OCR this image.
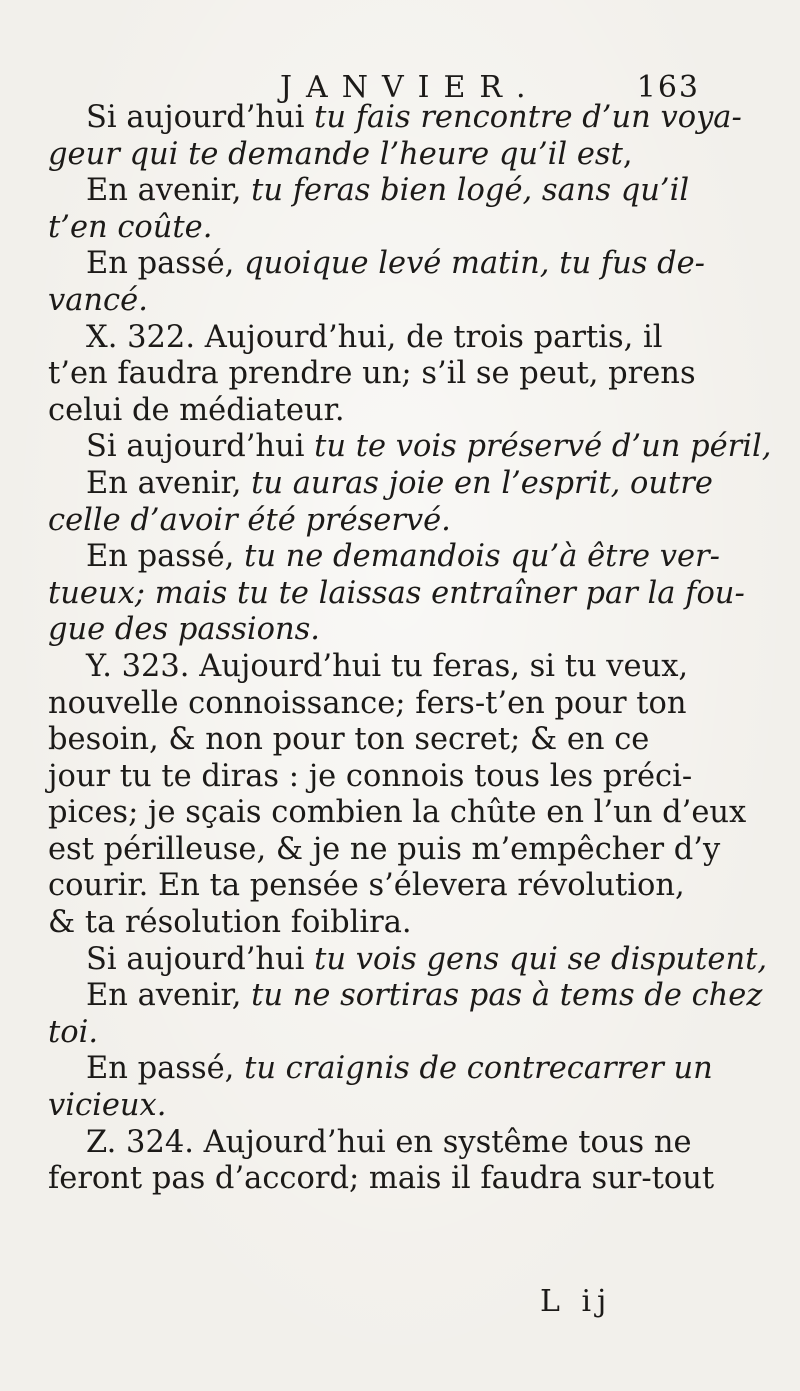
JANVIER.	163

Si aujourd’hui tu fais rencontre d’un voya-
geur qui te demande l’heure qu’il est,

En avenir, tu feras bien logé, sans qu’il
t’en coûte.

En passé, quoique levé matin, tu fus de-
vancé.

X. 322. Aujourd’hui, de trois partis, il
t’en faudra prendre un; s’il se peut, prens
celui de médiateur.

Si aujourd’hui tu te vois préservé d’un péril,

En avenir, tu auras joie en l’esprit, outre
celle d’avoir été préservé.

En passé, tu ne demandois qu’à être ver-
tueux; mais tu te laissas entraîner par la fou-
gue des passions.

Y. 323. Aujourd’hui tu feras, si tu veux,
nouvelle connoissance; fers-t’en pour ton
besoin, & non pour ton secret; & en ce
jour tu te diras : je connois tous les préci-
pices; je sçais combien la chûte en l’un d’eux
est périlleuse, & je ne puis m’empêcher d’y
courir. En ta pensée s’élevera révolution,
& ta résolution foiblira.

Si aujourd’hui tu vois gens qui se disputent,

En avenir, tu ne sortiras pas à tems de chez
toi.

En passé, tu craignis de contrecarrer un
vicieux.

Z. 324. Aujourd’hui en systême tous ne
feront pas d’accord; mais il faudra sur-tout

L ij
